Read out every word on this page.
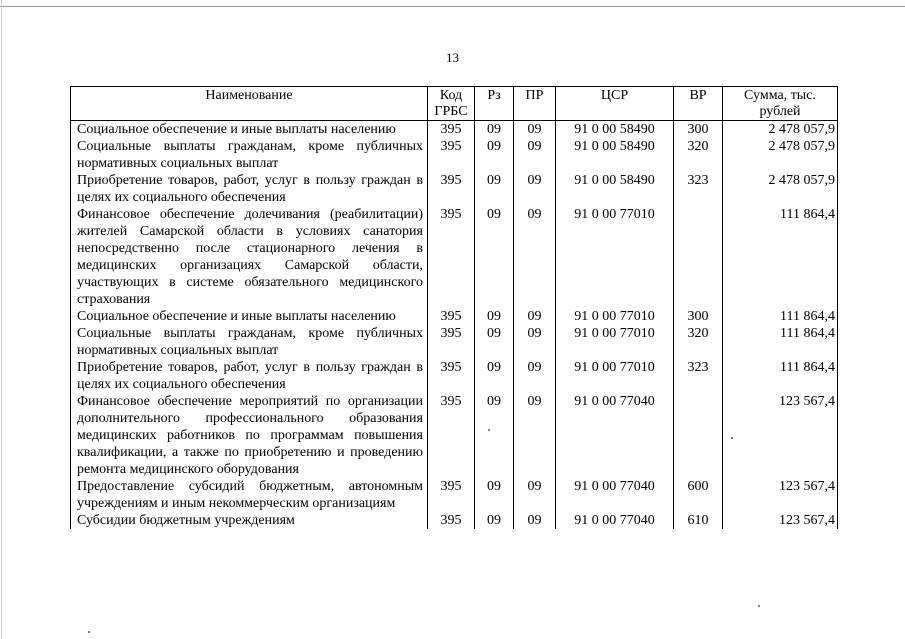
13
Наименование	Код ГРБС	Рз	ПР	ЦСР	ВР	Сумма, тыс. рублей
Социальное обеспечение и иные выплаты населению	395	09	09	91 0 00 58490	300	2 478 057,9
Социальные выплаты гражданам, кроме публичных нормативных социальных выплат	395	09	09	91 0 00 58490	320	2 478 057,9
Приобретение товаров, работ, услуг в пользу граждан в целях их социального обеспечения	395	09	09	91 0 00 58490	323	2 478 057,9
Финансовое обеспечение долечивания (реабилитации) жителей Самарской области в условиях санатория непосредственно после стационарного лечения в медицинских организациях Самарской области, участвующих в системе обязательного медицинского страхования	395	09	09	91 0 00 77010		111 864,4
Социальное обеспечение и иные выплаты населению	395	09	09	91 0 00 77010	300	111 864,4
Социальные выплаты гражданам, кроме публичных нормативных социальных выплат	395	09	09	91 0 00 77010	320	111 864,4
Приобретение товаров, работ, услуг в пользу граждан в целях их социального обеспечения	395	09	09	91 0 00 77010	323	111 864,4
Финансовое обеспечение мероприятий по организации дополнительного профессионального образования медицинских работников по программам повышения квалификации, а также по приобретению и проведению ремонта медицинского оборудования	395	09	09	91 0 00 77040		123 567,4
Предоставление субсидий бюджетным, автономным учреждениям и иным некоммерческим организациям	395	09	09	91 0 00 77040	600	123 567,4
Субсидии бюджетным учреждениям	395	09	09	91 0 00 77040	610	123 567,4
